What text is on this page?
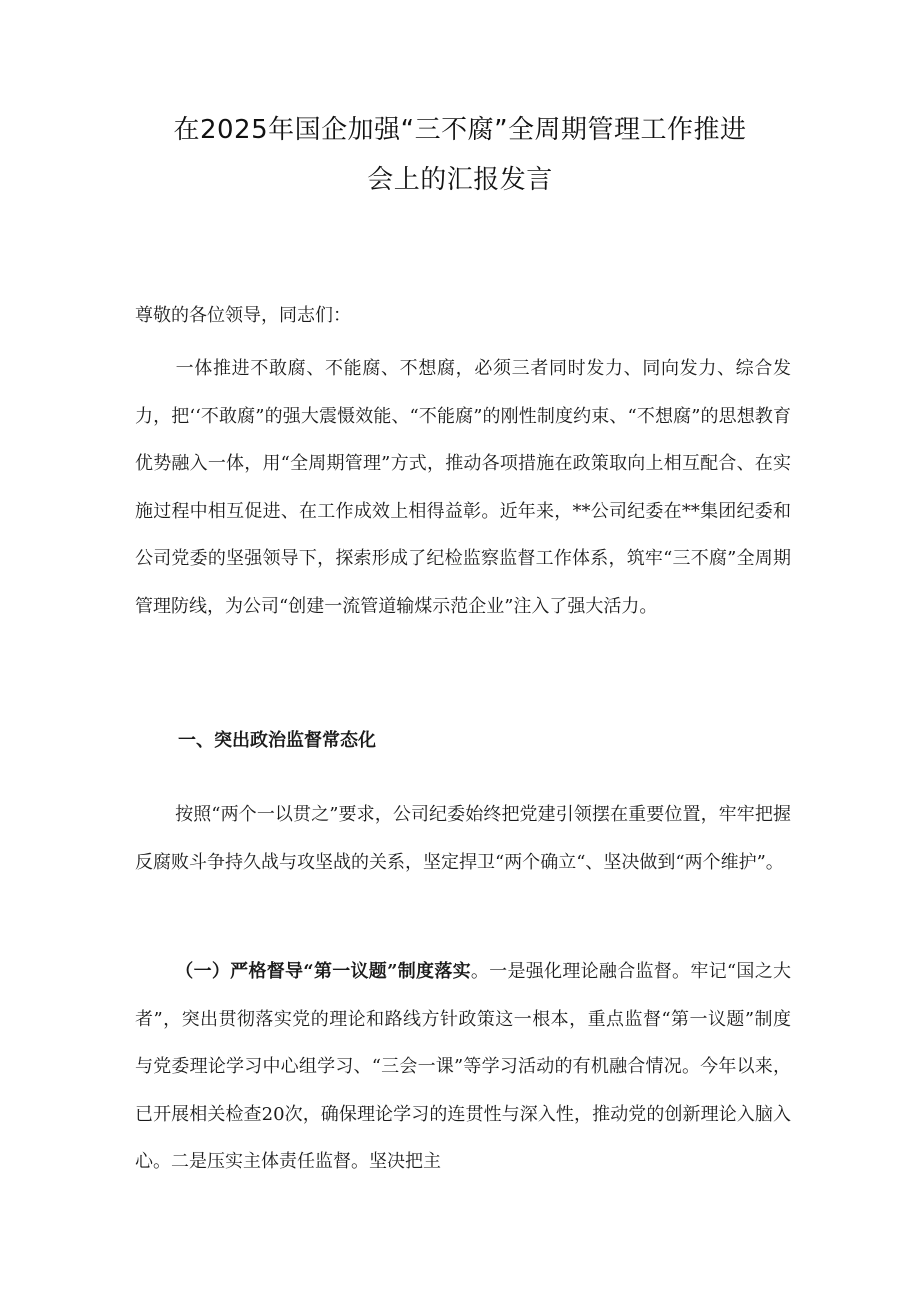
在2025年国企加强“三不腐”全周期管理工作推进
会上的汇报发言

尊敬的各位领导，同志们：

一体推进不敢腐、不能腐、不想腐，必须三者同时发力、同向发力、综合发力，把‘‘不敢腐”的强大震慑效能、“不能腐”的刚性制度约束、“不想腐”的思想教育优势融入一体，用“全周期管理”方式，推动各项措施在政策取向上相互配合、在实施过程中相互促进、在工作成效上相得益彰。近年来，**公司纪委在**集团纪委和公司党委的坚强领导下，探索形成了纪检监察监督工作体系，筑牢“三不腐”全周期管理防线，为公司“创建一流管道输煤示范企业”注入了强大活力。

一、突出政治监督常态化

按照“两个一以贯之”要求，公司纪委始终把党建引领摆在重要位置，牢牢把握反腐败斗争持久战与攻坚战的关系，坚定捍卫“两个确立“、坚决做到“两个维护”。

（一）严格督导“第一议题”制度落实。一是强化理论融合监督。牢记“国之大者”，突出贯彻落实党的理论和路线方针政策这一根本，重点监督“第一议题”制度与党委理论学习中心组学习、“三会一课”等学习活动的有机融合情况。今年以来，已开展相关检查20次，确保理论学习的连贯性与深入性，推动党的创新理论入脑入心。二是压实主体责任监督。坚决把主
